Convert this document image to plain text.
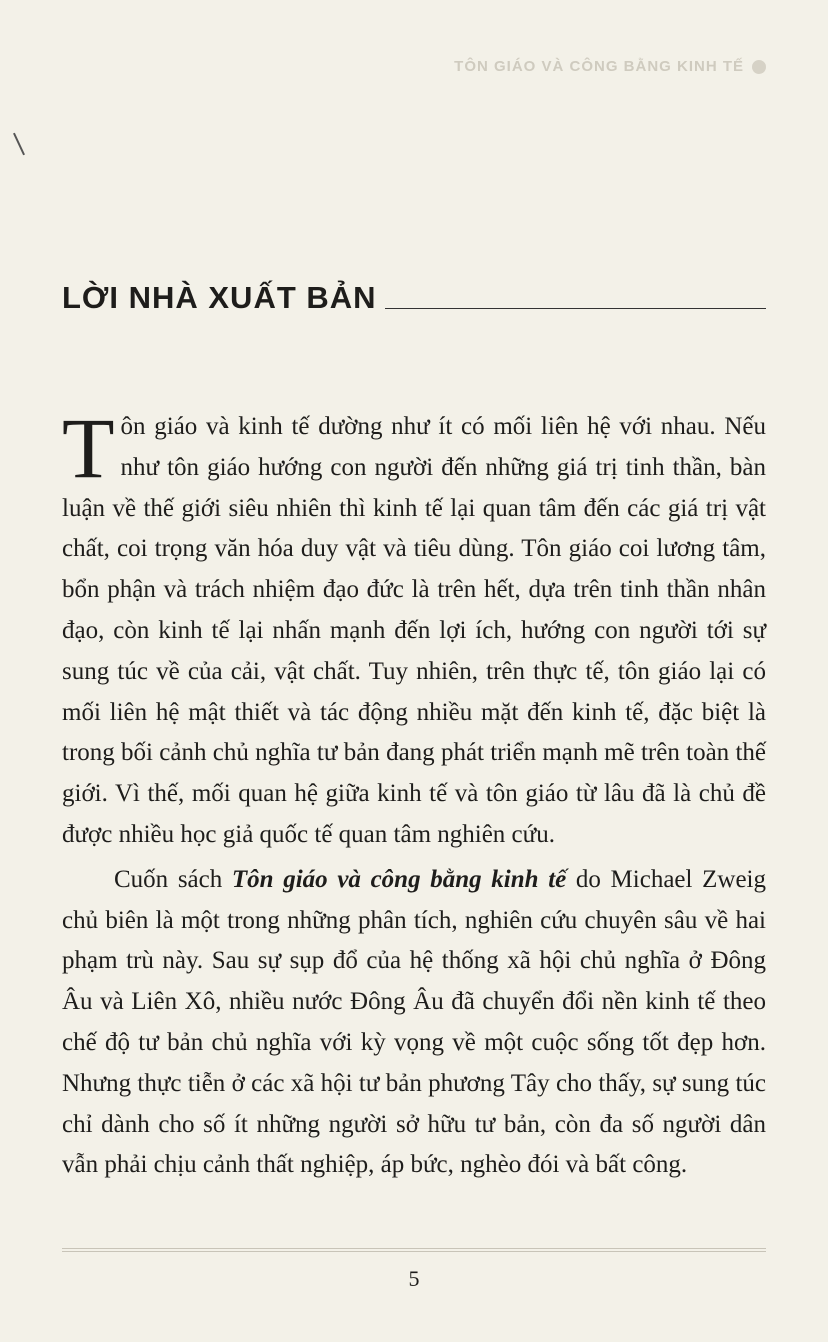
TÔN GIÁO VÀ CÔNG BẰNG KINH TẾ
LỜI NHÀ XUẤT BẢN

Tôn giáo và kinh tế dường như ít có mối liên hệ với nhau. Nếu như tôn giáo hướng con người đến những giá trị tinh thần, bàn luận về thế giới siêu nhiên thì kinh tế lại quan tâm đến các giá trị vật chất, coi trọng văn hóa duy vật và tiêu dùng. Tôn giáo coi lương tâm, bổn phận và trách nhiệm đạo đức là trên hết, dựa trên tinh thần nhân đạo, còn kinh tế lại nhấn mạnh đến lợi ích, hướng con người tới sự sung túc về của cải, vật chất. Tuy nhiên, trên thực tế, tôn giáo lại có mối liên hệ mật thiết và tác động nhiều mặt đến kinh tế, đặc biệt là trong bối cảnh chủ nghĩa tư bản đang phát triển mạnh mẽ trên toàn thế giới. Vì thế, mối quan hệ giữa kinh tế và tôn giáo từ lâu đã là chủ đề được nhiều học giả quốc tế quan tâm nghiên cứu.

Cuốn sách Tôn giáo và công bằng kinh tế do Michael Zweig chủ biên là một trong những phân tích, nghiên cứu chuyên sâu về hai phạm trù này. Sau sự sụp đổ của hệ thống xã hội chủ nghĩa ở Đông Âu và Liên Xô, nhiều nước Đông Âu đã chuyển đổi nền kinh tế theo chế độ tư bản chủ nghĩa với kỳ vọng về một cuộc sống tốt đẹp hơn. Nhưng thực tiễn ở các xã hội tư bản phương Tây cho thấy, sự sung túc chỉ dành cho số ít những người sở hữu tư bản, còn đa số người dân vẫn phải chịu cảnh thất nghiệp, áp bức, nghèo đói và bất công.

5
